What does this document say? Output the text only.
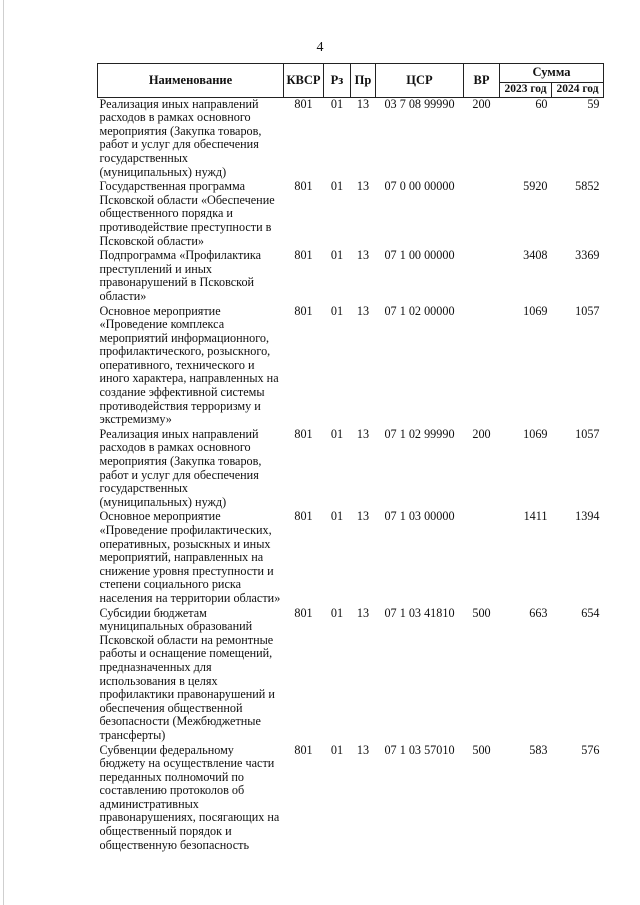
4
Наименование	КВСР	Рз	Пр	ЦСР	ВР	Сумма	
						2023 год	2024 год
Реализация иных направлений расходов в рамках основного мероприятия (Закупка товаров, работ и услуг для обеспечения государственных (муниципальных) нужд)	801	01	13	03 7 08 99990	200	60	59
Государственная программа Псковской области «Обеспечение общественного порядка и противодействие преступности в Псковской области»	801	01	13	07 0 00 00000		5920	5852
Подпрограмма «Профилактика преступлений и иных правонарушений в Псковской области»	801	01	13	07 1 00 00000		3408	3369
Основное мероприятие «Проведение комплекса мероприятий информационного, профилактического, розыскного, оперативного, технического и иного характера, направленных на создание эффективной системы противодействия терроризму и экстремизму»	801	01	13	07 1 02 00000		1069	1057
Реализация иных направлений расходов в рамках основного мероприятия (Закупка товаров, работ и услуг для обеспечения государственных (муниципальных) нужд)	801	01	13	07 1 02 99990	200	1069	1057
Основное мероприятие «Проведение профилактических, оперативных, розыскных и иных мероприятий, направленных на снижение уровня преступности и степени социального риска населения на территории области»	801	01	13	07 1 03 00000		1411	1394
Субсидии бюджетам муниципальных образований Псковской области на ремонтные работы и оснащение помещений, предназначенных для использования в целях профилактики правонарушений и обеспечения общественной безопасности (Межбюджетные трансферты)	801	01	13	07 1 03 41810	500	663	654
Субвенции федеральному бюджету на осуществление части переданных полномочий по составлению протоколов об административных правонарушениях, посягающих на общественный порядок и общественную безопасность	801	01	13	07 1 03 57010	500	583	576
